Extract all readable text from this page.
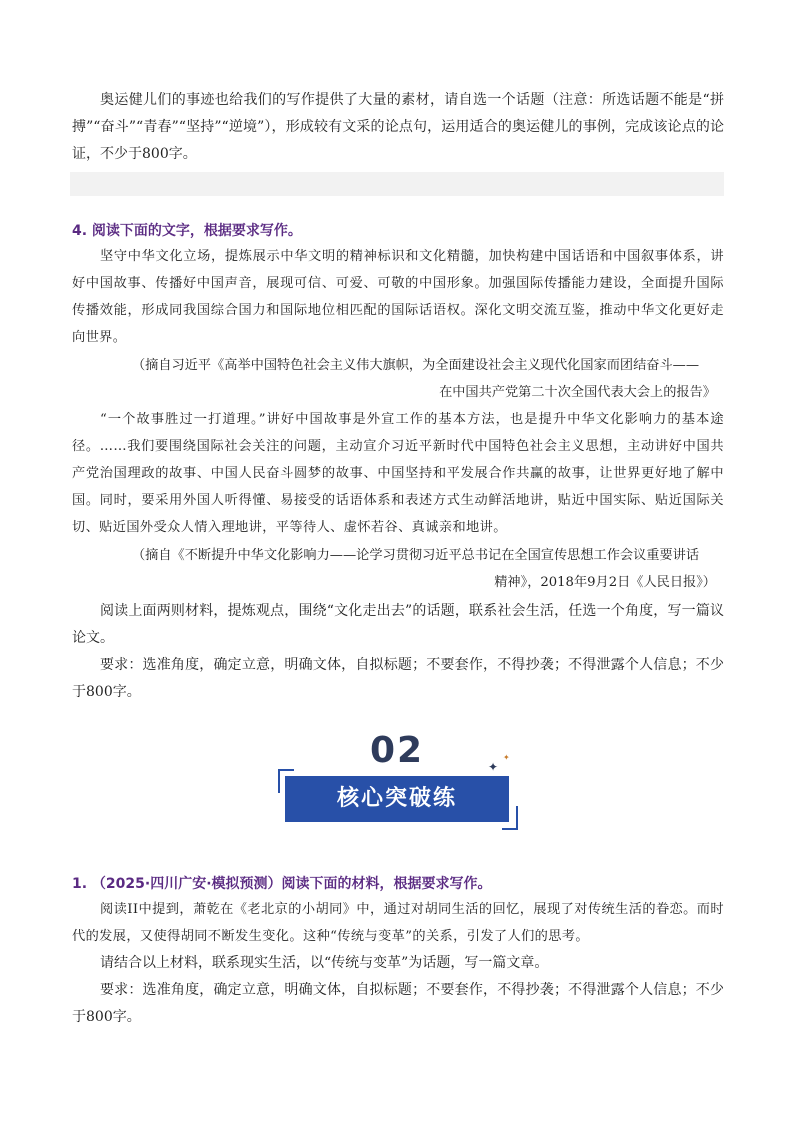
奥运健儿们的事迹也给我们的写作提供了大量的素材，请自选一个话题（注意：所选话题不能是“拼搏”“奋斗”“青春”“坚持”“逆境”），形成较有文采的论点句，运用适合的奥运健儿的事例，完成该论点的论证，不少于800字。

4. 阅读下面的文字，根据要求写作。

坚守中华文化立场，提炼展示中华文明的精神标识和文化精髓，加快构建中国话语和中国叙事体系，讲好中国故事、传播好中国声音，展现可信、可爱、可敬的中国形象。加强国际传播能力建设，全面提升国际传播效能，形成同我国综合国力和国际地位相匹配的国际话语权。深化文明交流互鉴，推动中华文化更好走向世界。

（摘自习近平《高举中国特色社会主义伟大旗帜，为全面建设社会主义现代化国家而团结奋斗——

在中国共产党第二十次全国代表大会上的报告》

“一个故事胜过一打道理。”讲好中国故事是外宣工作的基本方法，也是提升中华文化影响力的基本途径。……我们要围绕国际社会关注的问题，主动宣介习近平新时代中国特色社会主义思想，主动讲好中国共产党治国理政的故事、中国人民奋斗圆梦的故事、中国坚持和平发展合作共赢的故事，让世界更好地了解中国。同时，要采用外国人听得懂、易接受的话语体系和表述方式生动鲜活地讲，贴近中国实际、贴近国际关切、贴近国外受众人情入理地讲，平等待人、虚怀若谷、真诚亲和地讲。

（摘自《不断提升中华文化影响力——论学习贯彻习近平总书记在全国宣传思想工作会议重要讲话

精神》，2018年9月2日《人民日报》）

阅读上面两则材料，提炼观点，围绕“文化走出去”的话题，联系社会生活，任选一个角度，写一篇议论文。

要求：选准角度，确定立意，明确文体，自拟标题；不要套作，不得抄袭；不得泄露个人信息；不少于800字。

02
核心突破练
✦
✦

1. （2025·四川广安·模拟预测）阅读下面的材料，根据要求写作。

阅读II中提到，萧乾在《老北京的小胡同》中，通过对胡同生活的回忆，展现了对传统生活的眷恋。而时代的发展，又使得胡同不断发生变化。这种“传统与变革”的关系，引发了人们的思考。

请结合以上材料，联系现实生活，以“传统与变革”为话题，写一篇文章。

要求：选准角度，确定立意，明确文体，自拟标题；不要套作，不得抄袭；不得泄露个人信息；不少于800字。
